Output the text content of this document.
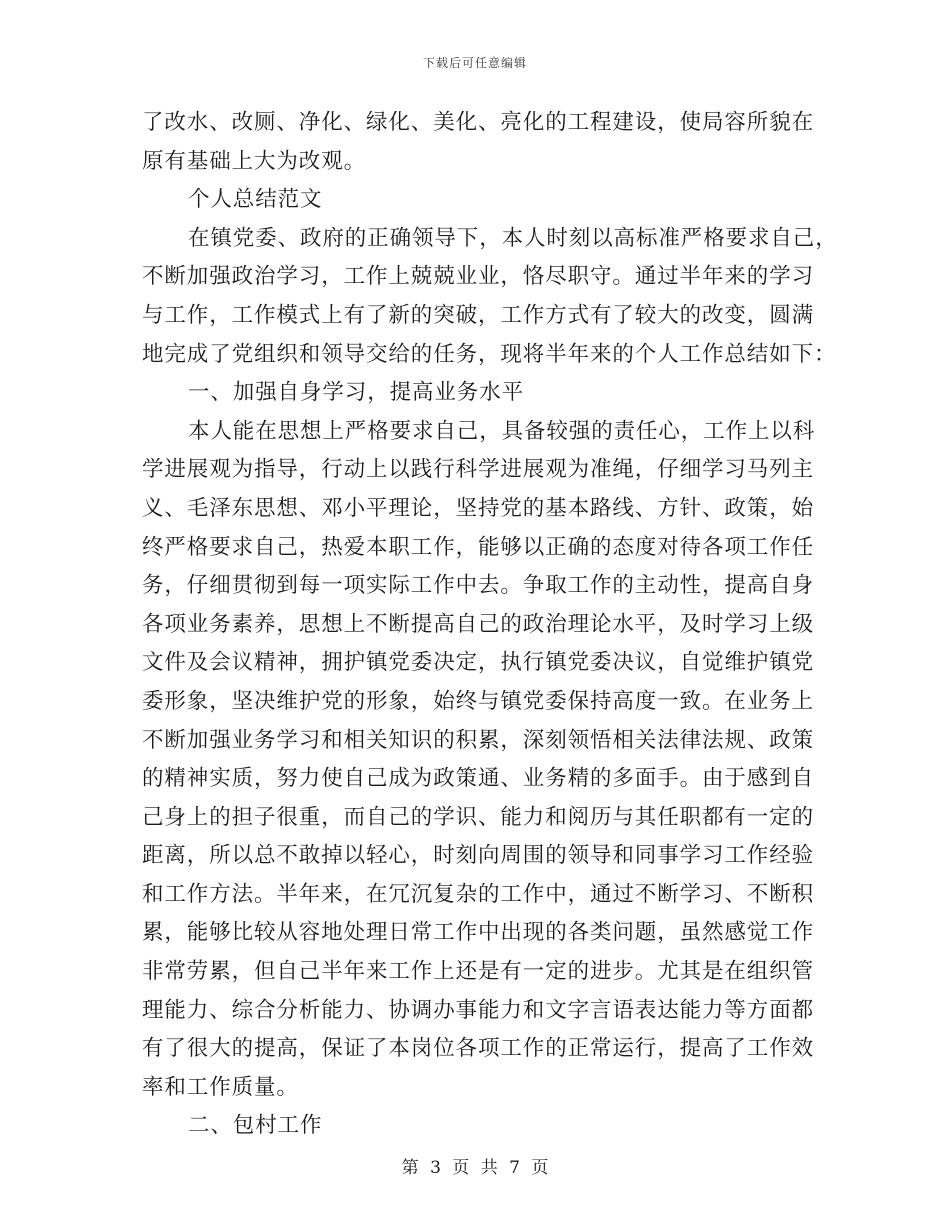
下载后可任意编辑
了改水、改厕、净化、绿化、美化、亮化的工程建设，使局容所貌在
原有基础上大为改观。
个人总结范文
在镇党委、政府的正确领导下，本人时刻以高标准严格要求自己，
不断加强政治学习，工作上兢兢业业，恪尽职守。通过半年来的学习
与工作，工作模式上有了新的突破，工作方式有了较大的改变，圆满
地完成了党组织和领导交给的任务，现将半年来的个人工作总结如下：
一、加强自身学习，提高业务水平
本人能在思想上严格要求自己，具备较强的责任心，工作上以科
学进展观为指导，行动上以践行科学进展观为准绳，仔细学习马列主
义、毛泽东思想、邓小平理论，坚持党的基本路线、方针、政策，始
终严格要求自己，热爱本职工作，能够以正确的态度对待各项工作任
务，仔细贯彻到每一项实际工作中去。争取工作的主动性，提高自身
各项业务素养，思想上不断提高自己的政治理论水平，及时学习上级
文件及会议精神，拥护镇党委决定，执行镇党委决议，自觉维护镇党
委形象，坚决维护党的形象，始终与镇党委保持高度一致。在业务上
不断加强业务学习和相关知识的积累，深刻领悟相关法律法规、政策
的精神实质，努力使自己成为政策通、业务精的多面手。由于感到自
己身上的担子很重，而自己的学识、能力和阅历与其任职都有一定的
距离，所以总不敢掉以轻心，时刻向周围的领导和同事学习工作经验
和工作方法。半年来，在冗沉复杂的工作中，通过不断学习、不断积
累，能够比较从容地处理日常工作中出现的各类问题，虽然感觉工作
非常劳累，但自己半年来工作上还是有一定的进步。尤其是在组织管
理能力、综合分析能力、协调办事能力和文字言语表达能力等方面都
有了很大的提高，保证了本岗位各项工作的正常运行，提高了工作效
率和工作质量。
二、包村工作
第 3 页 共 7 页
